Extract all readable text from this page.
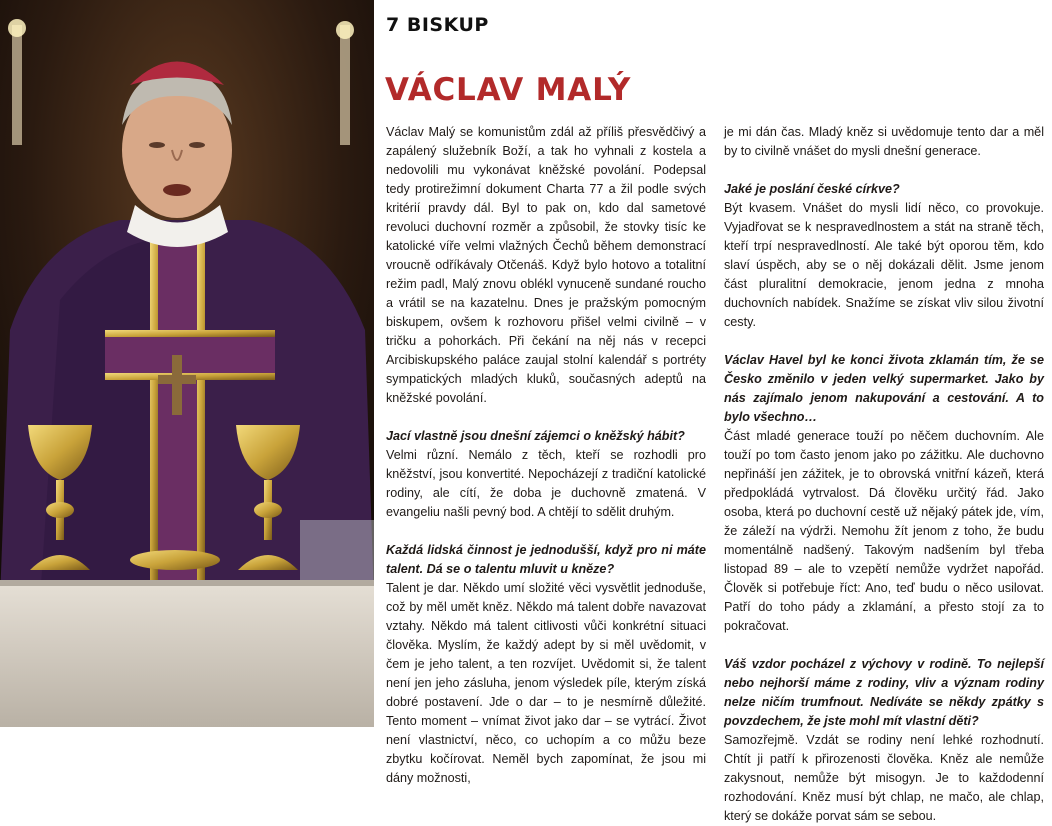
7 BISKUP
VÁCLAV MALÝ

Václav Malý se komunistům zdál až příliš přesvědčivý a zapálený služebník Boží, a tak ho vyhnali z kostela a nedovolili mu vykonávat kněžské povolání. Podepsal tedy protirežimní dokument Charta 77 a žil podle svých kritérií pravdy dál. Byl to pak on, kdo dal sametové revoluci duchovní rozměr a způsobil, že stovky tisíc ke katolické víře velmi vlažných Čechů během demonstrací vroucně odříkávaly Otčenáš. Když bylo hotovo a totalitní režim padl, Malý znovu oblékl vynuceně sundané roucho a vrátil se na kazatelnu. Dnes je pražským pomocným biskupem, ovšem k rozhovoru přišel velmi civilně – v tričku a pohorkách. Při čekání na něj nás v recepci Arcibiskupského paláce zaujal stolní kalendář s portréty sympatických mladých kluků, současných adeptů na kněžské povolání.

Jací vlastně jsou dnešní zájemci o kněžský hábit?

Velmi různí. Nemálo z těch, kteří se rozhodli pro kněžství, jsou konvertité. Nepocházejí z tradiční katolické rodiny, ale cítí, že doba je duchovně zmatená. V evangeliu našli pevný bod. A chtějí to sdělit druhým.

Každá lidská činnost je jednodušší, když pro ni máte talent. Dá se o talentu mluvit u kněze?

Talent je dar. Někdo umí složité věci vysvětlit jednoduše, což by měl umět kněz. Někdo má talent dobře navazovat vztahy. Někdo má talent citlivosti vůči konkrétní situaci člověka. Myslím, že každý adept by si měl uvědomit, v čem je jeho talent, a ten rozvíjet. Uvědomit si, že talent není jen jeho zásluha, jenom výsledek píle, kterým získá dobré postavení. Jde o dar – to je nesmírně důležité. Tento moment – vnímat život jako dar – se vytrácí. Život není vlastnictví, něco, co uchopím a co můžu beze zbytku kočírovat. Neměl bych zapomínat, že jsou mi dány možnosti,

je mi dán čas. Mladý kněz si uvědomuje tento dar a měl by to civilně vnášet do mysli dnešní generace.

Jaké je poslání české církve?

Být kvasem. Vnášet do mysli lidí něco, co provokuje. Vyjadřovat se k nespravedlnostem a stát na straně těch, kteří trpí nespravedlností. Ale také být oporou těm, kdo slaví úspěch, aby se o něj dokázali dělit. Jsme jenom část pluralitní demokracie, jenom jedna z mnoha duchovních nabídek. Snažíme se získat vliv silou životní cesty.

Václav Havel byl ke konci života zklamán tím, že se Česko změnilo v jeden velký supermarket. Jako by nás zajímalo jenom nakupování a cestování. A to bylo všechno…

Část mladé generace touží po něčem duchovním. Ale touží po tom často jenom jako po zážitku. Ale duchovno nepřináší jen zážitek, je to obrovská vnitřní kázeň, která předpokládá vytrvalost. Dá člověku určitý řád. Jako osoba, která po duchovní cestě už nějaký pátek jde, vím, že záleží na výdrži. Nemohu žít jenom z toho, že budu momentálně nadšený. Takovým nadšením byl třeba listopad 89 – ale to vzepětí nemůže vydržet napořád. Člověk si potřebuje říct: Ano, teď budu o něco usilovat. Patří do toho pády a zklamání, a přesto stojí za to pokračovat.

Váš vzdor pocházel z výchovy v rodině. To nejlepší nebo nejhorší máme z rodiny, vliv a význam rodiny nelze ničím trumfnout. Nedíváte se někdy zpátky s povzdechem, že jste mohl mít vlastní děti?

Samozřejmě. Vzdát se rodiny není lehké rozhodnutí. Chtít ji patří k přirozenosti člověka. Kněz ale nemůže zakysnout, nemůže být misogyn. Je to každodenní rozhodování. Kněz musí být chlap, ne mačo, ale chlap, který se dokáže porvat sám se sebou.
